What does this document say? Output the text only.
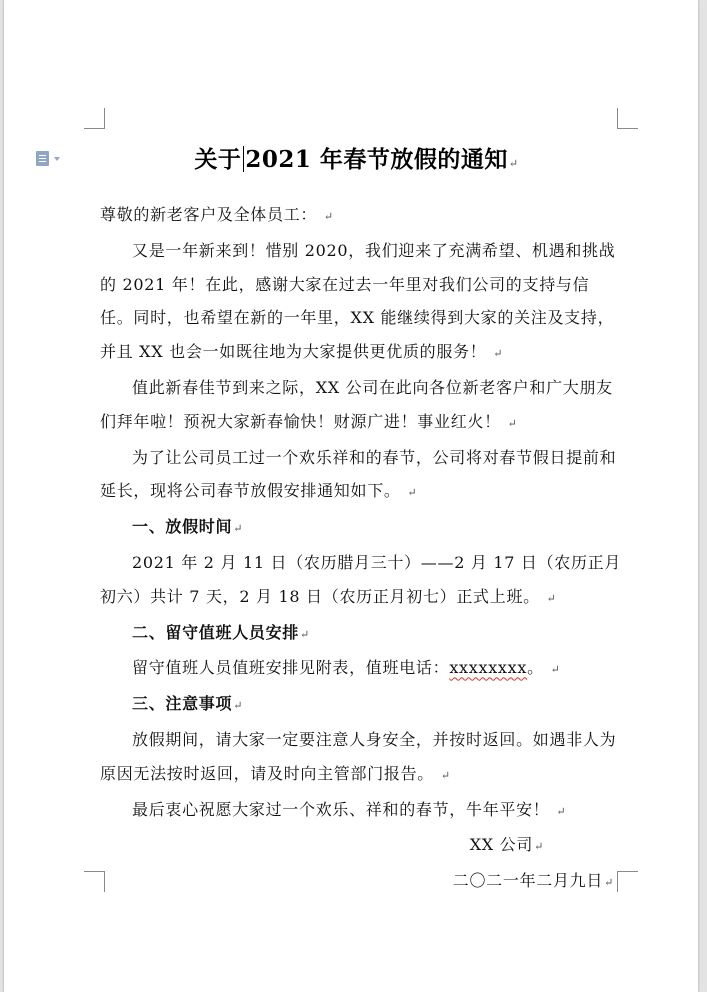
关于 2021 年春节放假的通知↵

尊敬的新老客户及全体员工： ↵

又是一年新来到！惜别 2020，我们迎来了充满希望、机遇和挑战的 2021 年！在此，感谢大家在过去一年里对我们公司的支持与信任。同时，也希望在新的一年里，XX 能继续得到大家的关注及支持，并且 XX 也会一如既往地为大家提供更优质的服务！ ↵

值此新春佳节到来之际，XX 公司在此向各位新老客户和广大朋友们拜年啦！预祝大家新春愉快！财源广进！事业红火！ ↵

为了让公司员工过一个欢乐祥和的春节，公司将对春节假日提前和延长，现将公司春节放假安排通知如下。 ↵

一、放假时间↵

2021 年 2 月 11 日（农历腊月三十）——2 月 17 日（农历正月初六）共计 7 天，2 月 18 日（农历正月初七）正式上班。 ↵

二、留守值班人员安排↵

留守值班人员值班安排见附表，值班电话：xxxxxxxx。 ↵

三、注意事项↵

放假期间，请大家一定要注意人身安全，并按时返回。如遇非人为原因无法按时返回，请及时向主管部门报告。 ↵

最后衷心祝愿大家过一个欢乐、祥和的春节，牛年平安！ ↵

XX 公司↵

二〇二一年二月九日↵
